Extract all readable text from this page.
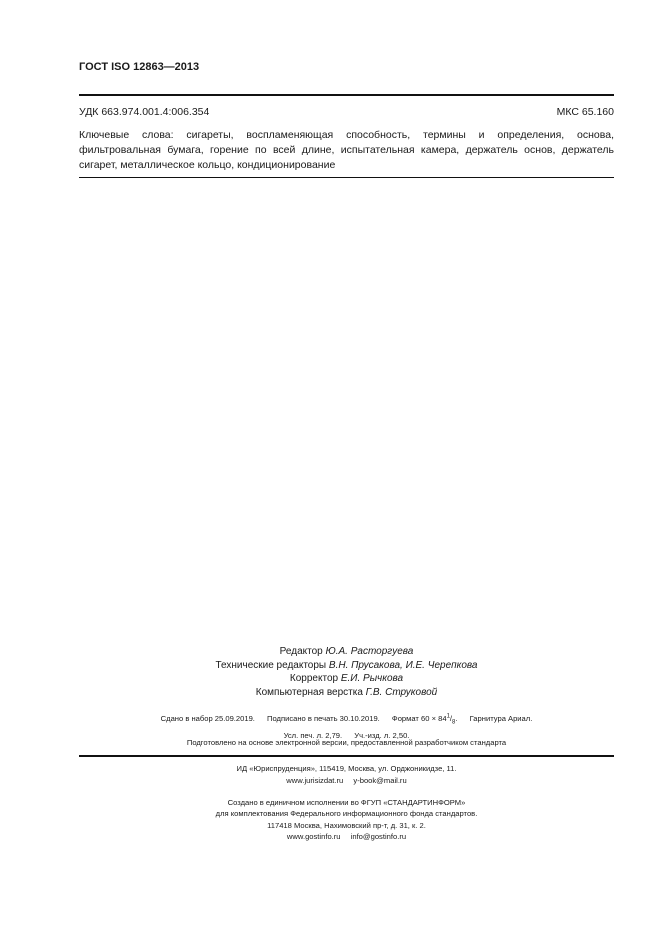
ГОСТ ISO 12863—2013
УДК 663.974.001.4:006.354	МКС 65.160

Ключевые слова: сигареты, воспламеняющая способность, термины и определения, основа, фильтровальная бумага, горение по всей длине, испытательная камера, держатель основ, держатель сигарет, металлическое кольцо, кондиционирование

Редактор Ю.А. Расторгуева
Технические редакторы В.Н. Прусакова, И.Е. Черепкова
Корректор Е.И. Рычкова
Компьютерная верстка Г.В. Струковой
Сдано в набор 25.09.2019. Подписано в печать 30.10.2019. Формат $60 \times 84^1/_8$. Гарнитура Ариал.
Усл. печ. л. 2,79. Уч.-изд. л. 2,50.
Подготовлено на основе электронной версии, предоставленной разработчиком стандарта
ИД «Юриспруденция», 115419, Москва, ул. Орджоникидзе, 11.
www.jurisizdat.ru y-book@mail.ru
Создано в единичном исполнении во ФГУП «СТАНДАРТИНФОРМ»
для комплектования Федерального информационного фонда стандартов.
117418 Москва, Нахимовский пр-т, д. 31, к. 2.
www.gostinfo.ru info@gostinfo.ru
